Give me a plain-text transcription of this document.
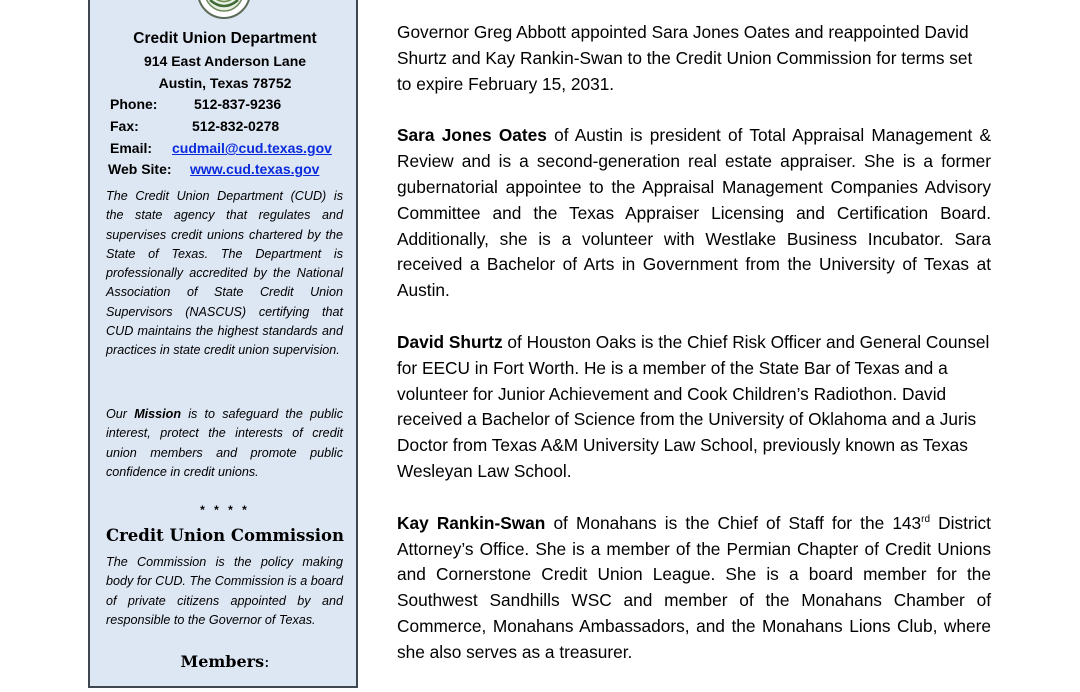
Credit Union Department

914 East Anderson Lane

Austin, Texas 78752

Phone:	512-837-9236
Fax:	512-832-0278
Email: cudmail@cud.texas.gov
Web Site: www.cud.texas.gov

The Credit Union Department (CUD) is the state agency that regulates and supervises credit unions chartered by the State of Texas. The Department is professionally accredited by the National Association of State Credit Union Supervisors (NASCUS) certifying that CUD maintains the highest standards and practices in state credit union supervision.

Our Mission is to safeguard the public interest, protect the interests of credit union members and promote public confidence in credit unions.

* * * *

Credit Union Commission

The Commission is the policy making body for CUD. The Commission is a board of private citizens appointed by and responsible to the Governor of Texas.

Members:

Governor Greg Abbott appointed Sara Jones Oates and reappointed David Shurtz and Kay Rankin-Swan to the Credit Union Commission for terms set to expire February 15, 2031.

Sara Jones Oates of Austin is president of Total Appraisal Management & Review and is a second-generation real estate appraiser. She is a former gubernatorial appointee to the Appraisal Management Companies Advisory Committee and the Texas Appraiser Licensing and Certification Board. Additionally, she is a volunteer with Westlake Business Incubator. Sara received a Bachelor of Arts in Government from the University of Texas at Austin.

David Shurtz of Houston Oaks is the Chief Risk Officer and General Counsel for EECU in Fort Worth. He is a member of the State Bar of Texas and a volunteer for Junior Achievement and Cook Children’s Radiothon. David received a Bachelor of Science from the University of Oklahoma and a Juris Doctor from Texas A&M University Law School, previously known as Texas Wesleyan Law School.

Kay Rankin-Swan of Monahans is the Chief of Staff for the 143rd District Attorney’s Office. She is a member of the Permian Chapter of Credit Unions and Cornerstone Credit Union League. She is a board member for the Southwest Sandhills WSC and member of the Monahans Chamber of Commerce, Monahans Ambassadors, and the Monahans Lions Club, where she also serves as a treasurer.
